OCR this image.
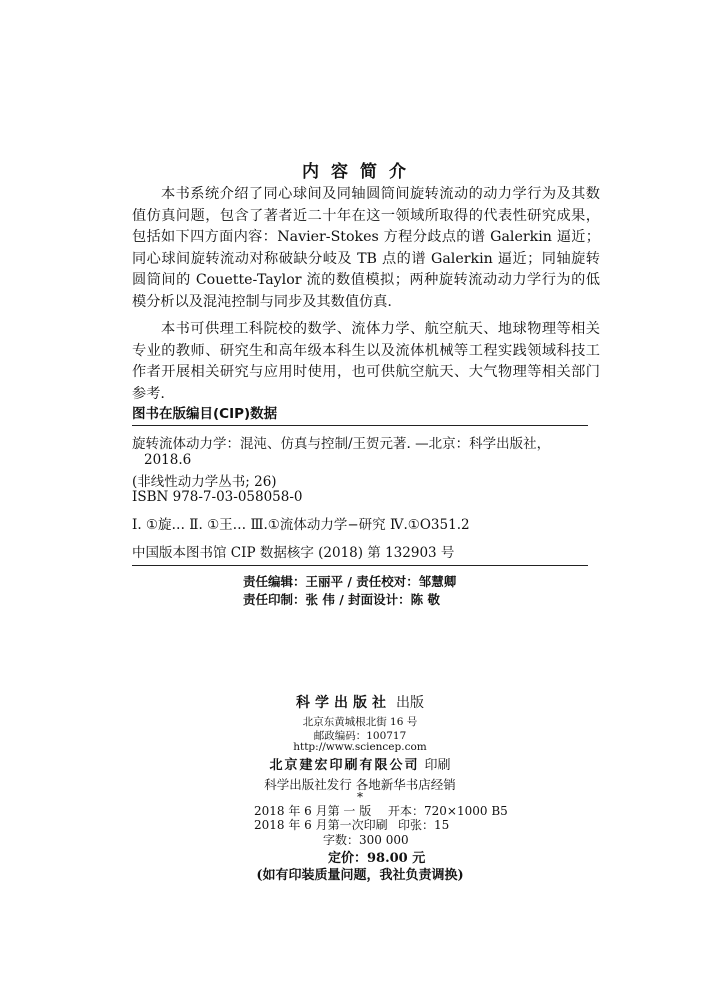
内容简介

本书系统介绍了同心球间及同轴圆筒间旋转流动的动力学行为及其数值仿真问题，包含了著者近二十年在这一领域所取得的代表性研究成果，包括如下四方面内容：Navier-Stokes 方程分歧点的谱 Galerkin 逼近；同心球间旋转流动对称破缺分岐及 TB 点的谱 Galerkin 逼近；同轴旋转圆筒间的 Couette-Taylor 流的数值模拟；两种旋转流动动力学行为的低模分析以及混沌控制与同步及其数值仿真.

本书可供理工科院校的数学、流体力学、航空航天、地球物理等相关专业的教师、研究生和高年级本科生以及流体机械等工程实践领域科技工作者开展相关研究与应用时使用，也可供航空航天、大气物理等相关部门参考.

图书在版编目(CIP)数据
旋转流体动力学：混沌、仿真与控制/王贺元著. —北京：科学出版社，
2018.6
(非线性动力学丛书; 26)
ISBN 978-7-03-058058-0
Ⅰ. ①旋… Ⅱ. ①王… Ⅲ.①流体动力学−研究 Ⅳ.①O351.2
中国版本图书馆 CIP 数据核字 (2018) 第 132903 号
责任编辑：王丽平 / 责任校对：邹慧卿
责任印制：张 伟 / 封面设计：陈 敬
科学出版社 出版
北京东黄城根北街 16 号
邮政编码：100717
http://www.sciencep.com
北京建宏印刷有限公司 印刷
科学出版社发行 各地新华书店经销
*
2018 年 6 月第 一 版 开本：720×1000 B5
2018 年 6 月第一次印刷 印张：15
字数：300 000
定价：98.00 元
(如有印装质量问题，我社负责调换)
